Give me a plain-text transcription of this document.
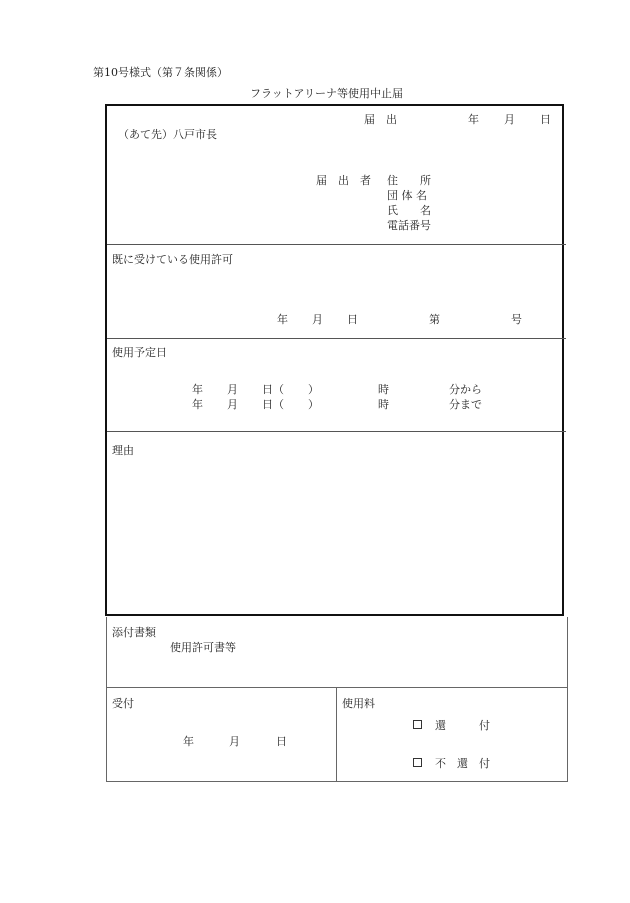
第10号様式（第７条関係）
フラットアリーナ等使用中止届
届　出	年 月 日
（あて先）八戸市長
届　出　者 住　　所
団 体 名
氏　　名
電話番号
既に受けている使用許可
年 月 日	第	号
使用予定日
年 月 日（ ）	時	分から
年 月 日（ ）	時	分まで
理由
添付書類
使用許可書等
受付
年	月	日
使用料
還　　　付
不　還　付
